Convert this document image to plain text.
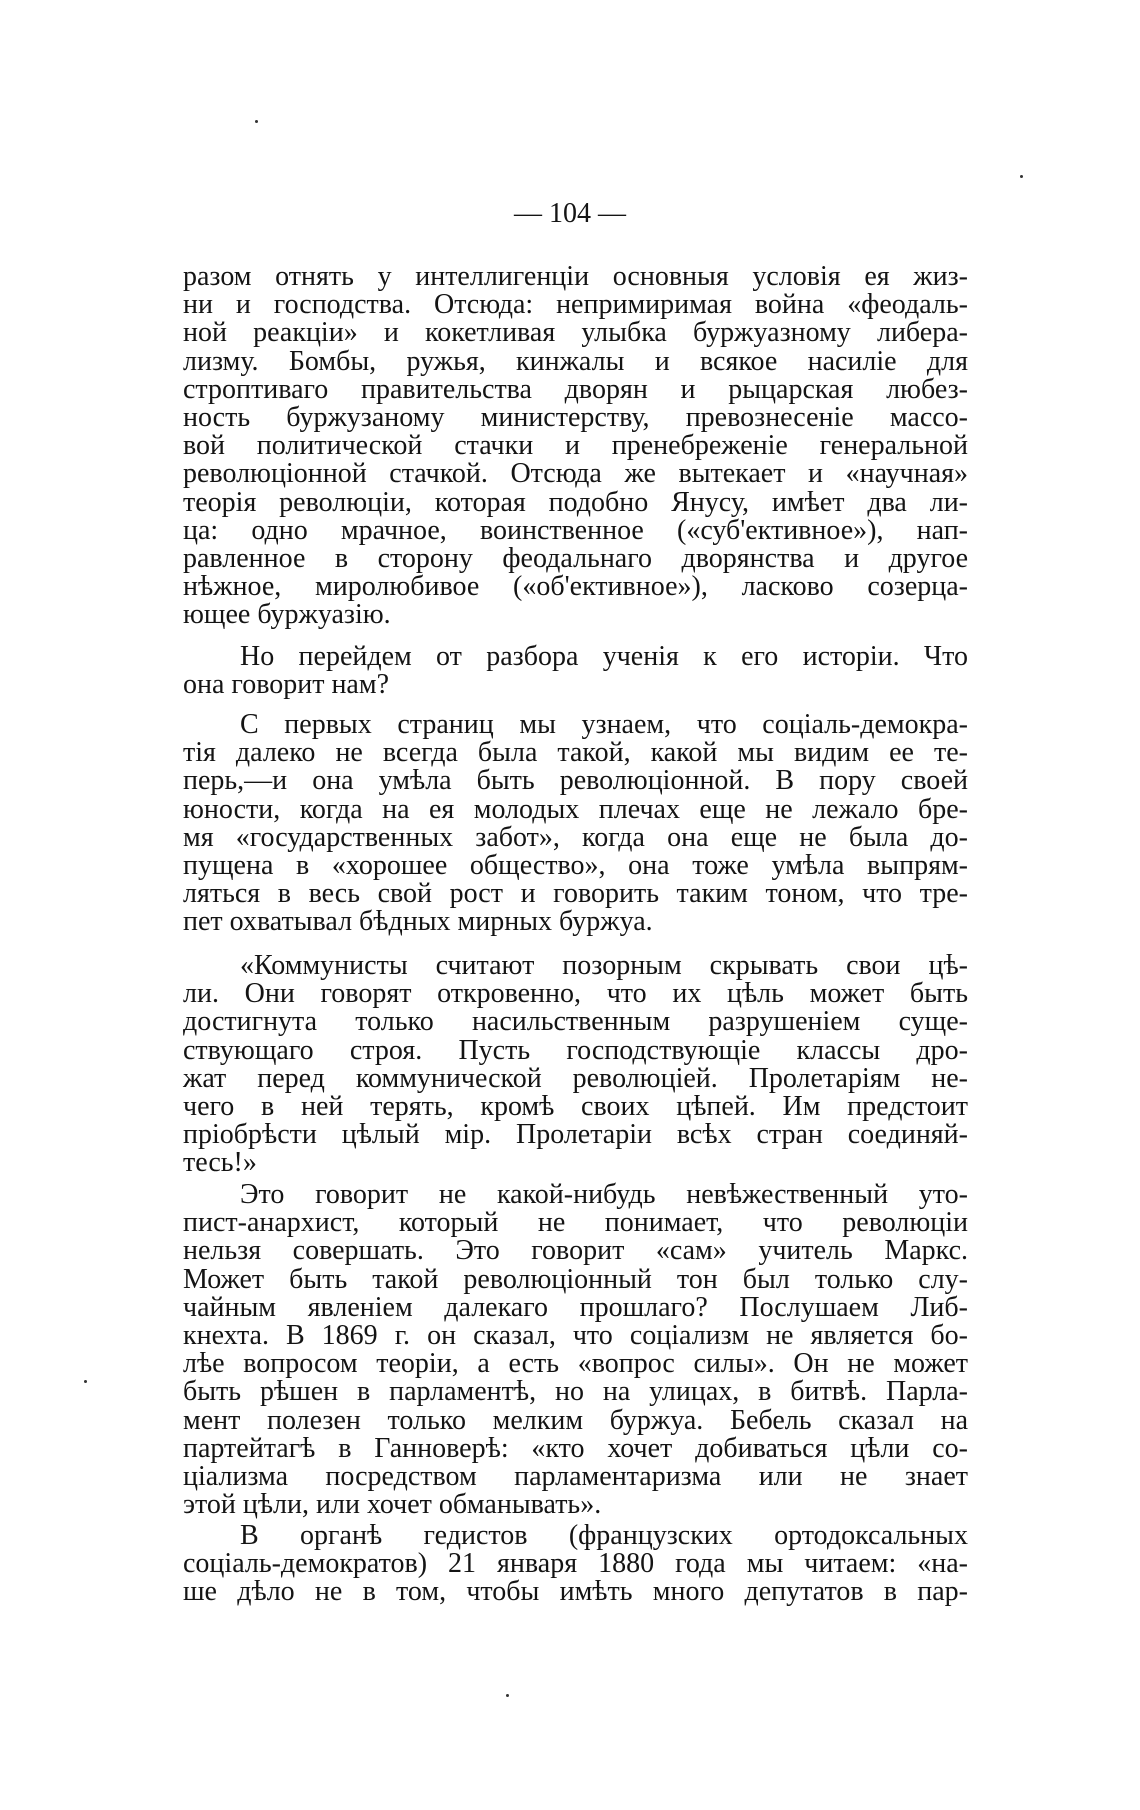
— 104 —
разом отнять у интеллигенціи основныя условія ея жиз-
ни и господства. Отсюда: непримиримая война «феодаль-
ной реакціи» и кокетливая улыбка буржуазному либера-
лизму. Бомбы, ружья, кинжалы и всякое насиліе для
строптиваго правительства дворян и рыцарская любез-
ность буржузаному министерству, превознесеніе массо-
вой политической стачки и пренебреженіе генеральной
революціонной стачкой. Отсюда же вытекает и «научная»
теорія революціи, которая подобно Янусу, имѣет два ли-
ца: одно мрачное, воинственное («суб'ективное»), нап-
равленное в сторону феодальнаго дворянства и другое
нѣжное, миролюбивое («об'ективное»), ласково созерца-
ющее буржуазію.
Но перейдем от разбора ученія к его исторіи. Что
она говорит нам?
С первых страниц мы узнаем, что соціаль-демокра-
тія далеко не всегда была такой, какой мы видим ее те-
перь,—и она умѣла быть революціонной. В пору своей
юности, когда на ея молодых плечах еще не лежало бре-
мя «государственных забот», когда она еще не была до-
пущена в «хорошее общество», она тоже умѣла выпрям-
ляться в весь свой рост и говорить таким тоном, что тре-
пет охватывал бѣдных мирных буржуа.
«Коммунисты считают позорным скрывать свои цѣ-
ли. Они говорят откровенно, что их цѣль может быть
достигнута только насильственным разрушеніем суще-
ствующаго строя. Пусть господствующіе классы дро-
жат перед коммунической революціей. Пролетаріям не-
чего в ней терять, кромѣ своих цѣпей. Им предстоит
пріобрѣсти цѣлый мір. Пролетаріи всѣх стран соединяй-
тесь!»
Это говорит не какой-нибудь невѣжественный уто-
пист-анархист, который не понимает, что революціи
нельзя совершать. Это говорит «сам» учитель Маркс.
Может быть такой революціонный тон был только слу-
чайным явленіем далекаго прошлаго? Послушаем Либ-
кнехта. В 1869 г. он сказал, что соціализм не является бо-
лѣе вопросом теоріи, а есть «вопрос силы». Он не может
быть рѣшен в парламентѣ, но на улицах, в битвѣ. Парла-
мент полезен только мелким буржуа. Бебель сказал на
партейтагѣ в Ганноверѣ: «кто хочет добиваться цѣли со-
ціализма посредством парламентаризма или не знает
этой цѣли, или хочет обманывать».
В органѣ гедистов (французских ортодоксальных
соціаль-демократов) 21 января 1880 года мы читаем: «на-
ше дѣло не в том, чтобы имѣть много депутатов в пар-
